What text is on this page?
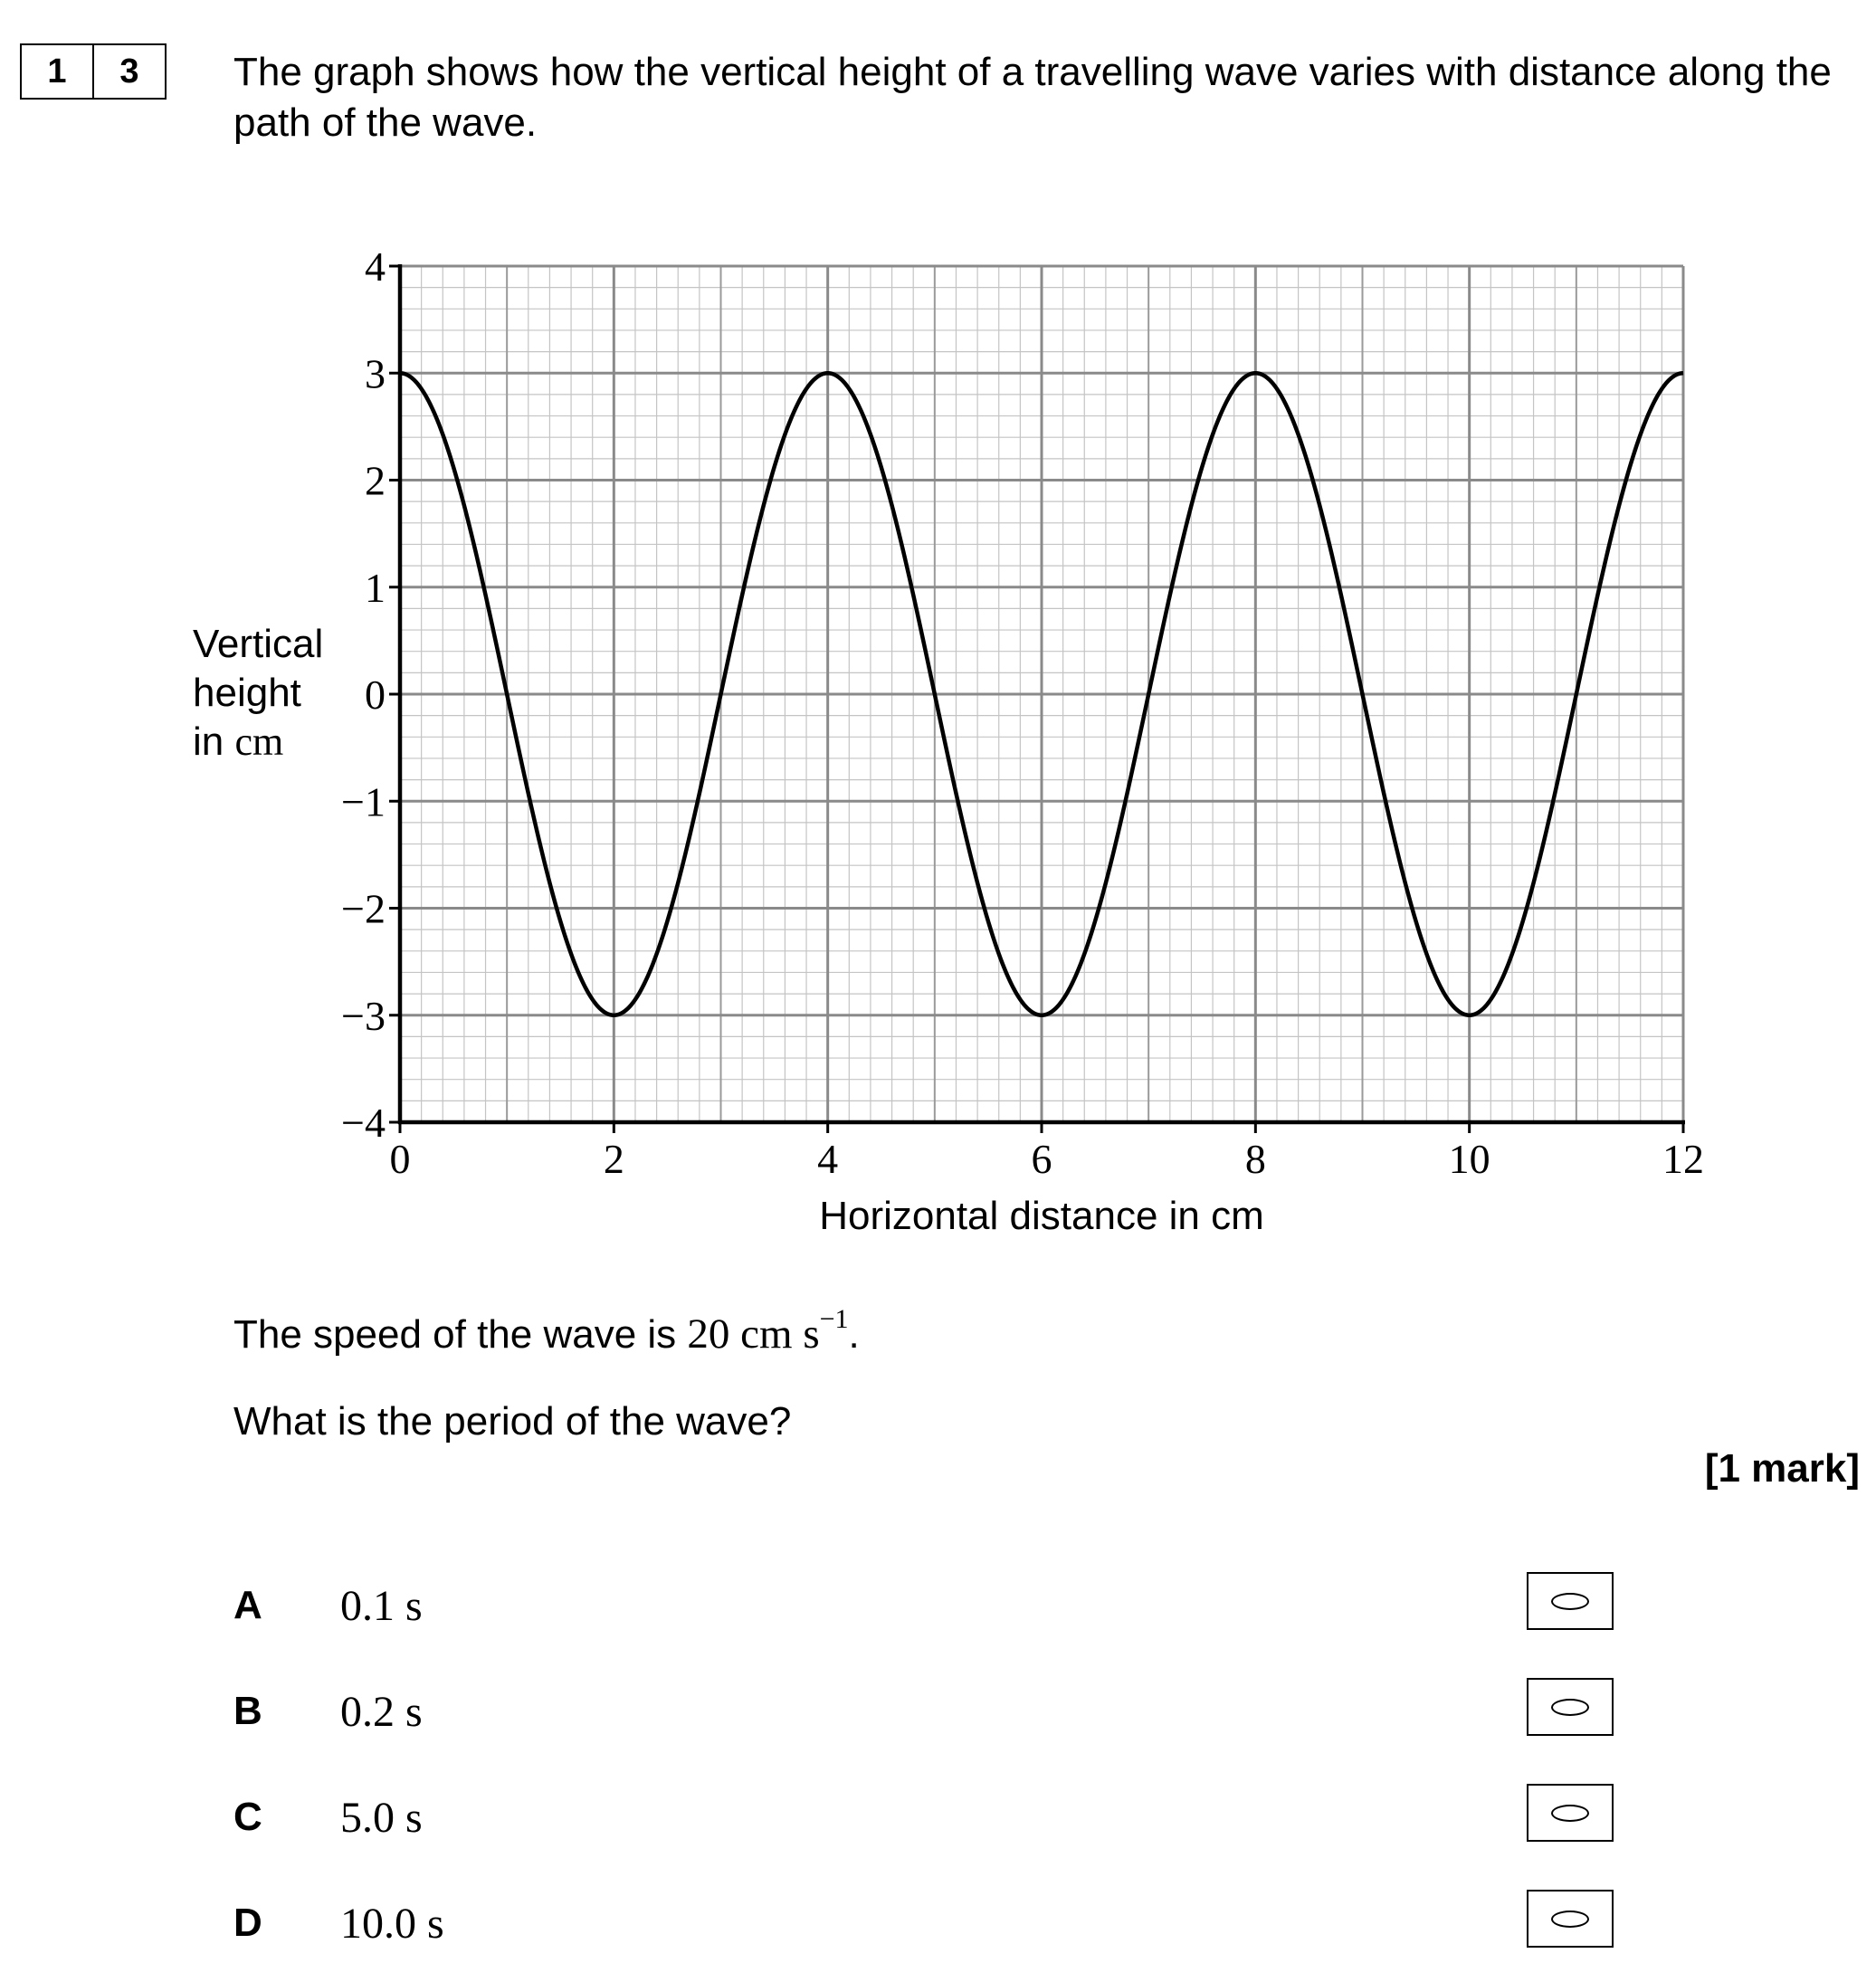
1	3	The graph shows how the vertical height of a travelling wave varies with distance along the path of the wave.

Vertical
height
in cm
0	2	4	6	8	10	12
4
3
2
1
0
−1
−2
−3
−4
Horizontal distance in cm
The speed of the wave is 20 cm $s^{-1}$.
What is the period of the wave?
[1 mark]
A 0.1 s
B 0.2 s
C 5.0 s
D 10.0 s
